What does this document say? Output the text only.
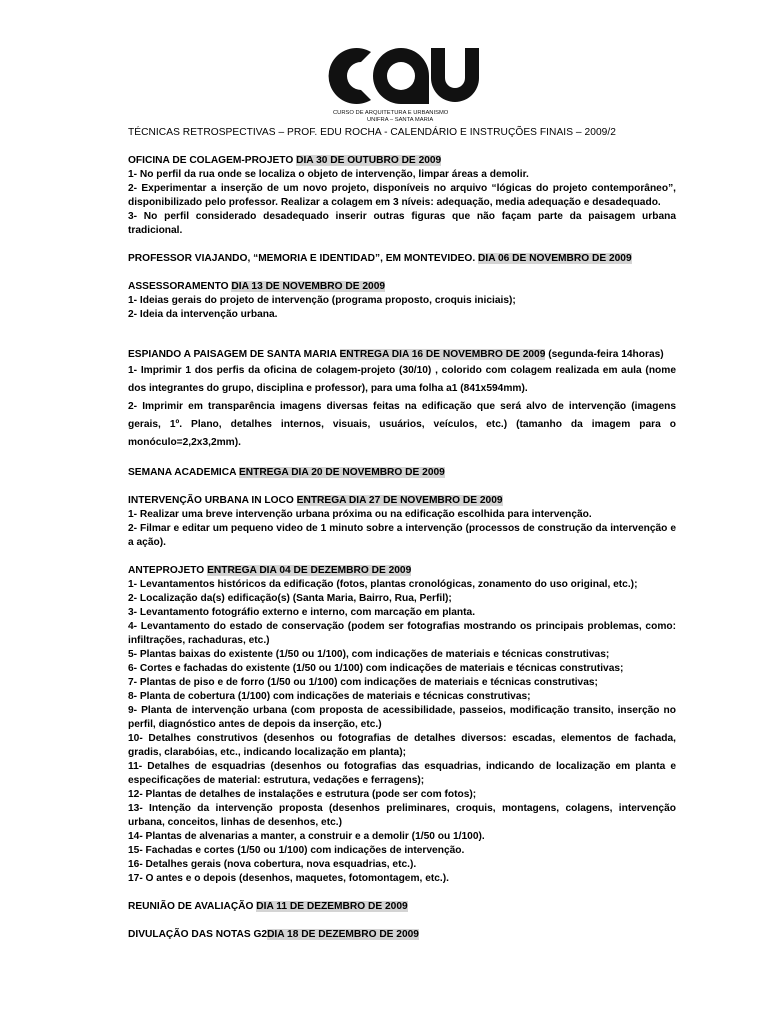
CURSO DE ARQUITETURA E URBANISMO
UNIFRA – SANTA MARIA
TÉCNICAS RETROSPECTIVAS – PROF. EDU ROCHA - CALENDÁRIO E INSTRUÇÕES FINAIS – 2009/2
OFICINA DE COLAGEM-PROJETO DIA 30 DE OUTUBRO DE 2009

1- No perfil da rua onde se localiza o objeto de intervenção, limpar áreas a demolir.

2- Experimentar a inserção de um novo projeto, disponíveis no arquivo “lógicas do projeto contemporâneo”, disponibilizado pelo professor. Realizar a colagem em 3 níveis: adequação, media adequação e desadequado.

3- No perfil considerado desadequado inserir outras figuras que não façam parte da paisagem urbana tradicional.

PROFESSOR VIAJANDO, “MEMORIA E IDENTIDAD”, EM MONTEVIDEO. DIA 06 DE NOVEMBRO DE 2009
ASSESSORAMENTO DIA 13 DE NOVEMBRO DE 2009

1- Ideias gerais do projeto de intervenção (programa proposto, croquis iniciais);

2- Ideia da intervenção urbana.

ESPIANDO A PAISAGEM DE SANTA MARIA ENTREGA DIA 16 DE NOVEMBRO DE 2009 (segunda-feira 14horas)

1- Imprimir 1 dos perfis da oficina de colagem-projeto (30/10) , colorido com colagem realizada em aula (nome dos integrantes do grupo, disciplina e professor), para uma folha a1 (841x594mm).

2- Imprimir em transparência imagens diversas feitas na edificação que será alvo de intervenção (imagens gerais, 1º. Plano, detalhes internos, visuais, usuários, veículos, etc.) (tamanho da imagem para o monóculo=2,2x3,2mm).

SEMANA ACADEMICA ENTREGA DIA 20 DE NOVEMBRO DE 2009
INTERVENÇÃO URBANA IN LOCO ENTREGA DIA 27 DE NOVEMBRO DE 2009

1- Realizar uma breve intervenção urbana próxima ou na edificação escolhida para intervenção.

2- Filmar e editar um pequeno video de 1 minuto sobre a intervenção (processos de construção da intervenção e a ação).

ANTEPROJETO ENTREGA DIA 04 DE DEZEMBRO DE 2009

1- Levantamentos históricos da edificação (fotos, plantas cronológicas, zonamento do uso original, etc.);

2- Localização da(s) edificação(s) (Santa Maria, Bairro, Rua, Perfil);

3- Levantamento fotográfio externo e interno, com marcação em planta.

4- Levantamento do estado de conservação (podem ser fotografias mostrando os principais problemas, como: infiltrações, rachaduras, etc.)

5- Plantas baixas do existente (1/50 ou 1/100), com indicações de materiais e técnicas construtivas;

6- Cortes e fachadas do existente (1/50 ou 1/100) com indicações de materiais e técnicas construtivas;

7- Plantas de piso e de forro (1/50 ou 1/100) com indicações de materiais e técnicas construtivas;

8- Planta de cobertura (1/100) com indicações de materiais e técnicas construtivas;

9- Planta de intervenção urbana (com proposta de acessibilidade, passeios, modificação transito, inserção no perfil, diagnóstico antes de depois da inserção, etc.)

10- Detalhes construtivos (desenhos ou fotografias de detalhes diversos: escadas, elementos de fachada, gradis, clarabóias, etc., indicando localização em planta);

11- Detalhes de esquadrias (desenhos ou fotografias das esquadrias, indicando de localização em planta e especificações de material: estrutura, vedações e ferragens);

12- Plantas de detalhes de instalações e estrutura (pode ser com fotos);

13- Intenção da intervenção proposta (desenhos preliminares, croquis, montagens, colagens, intervenção urbana, conceitos, linhas de desenhos, etc.)

14- Plantas de alvenarias a manter, a construir e a demolir (1/50 ou 1/100).

15- Fachadas e cortes (1/50 ou 1/100) com indicações de intervenção.

16- Detalhes gerais (nova cobertura, nova esquadrias, etc.).

17- O antes e o depois (desenhos, maquetes, fotomontagem, etc.).

REUNIÃO DE AVALIAÇÃO DIA 11 DE DEZEMBRO DE 2009
DIVULAÇÃO DAS NOTAS G2DIA 18 DE DEZEMBRO DE 2009
